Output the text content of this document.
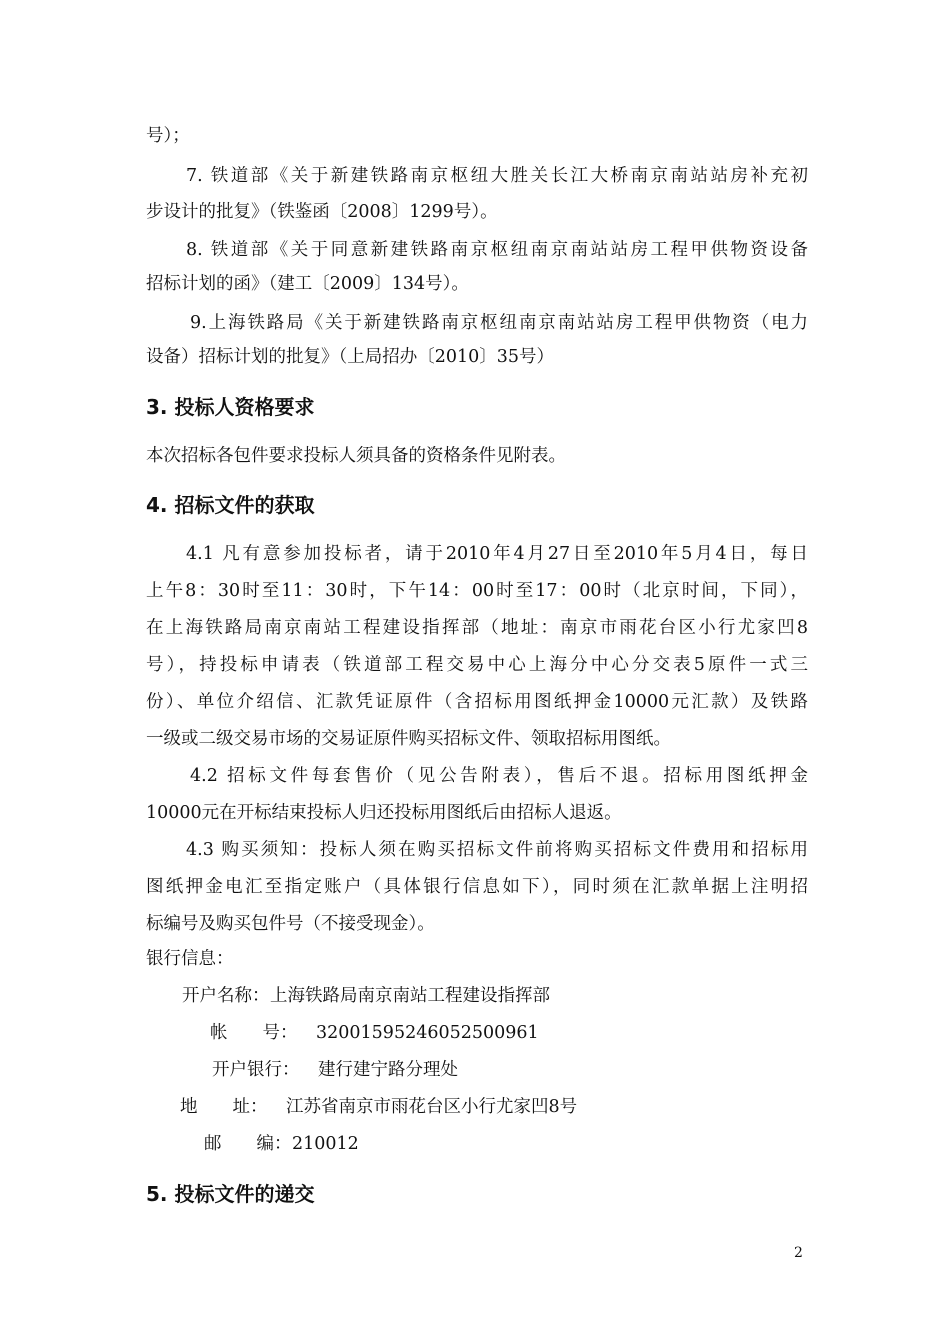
号）；
7. 铁道部《关于新建铁路南京枢纽大胜关长江大桥南京南站站房补充初
步设计的批复》（铁鉴函〔2008〕1299号）。
8. 铁道部《关于同意新建铁路南京枢纽南京南站站房工程甲供物资设备
招标计划的函》（建工〔2009〕134号）。
9.上海铁路局《关于新建铁路南京枢纽南京南站站房工程甲供物资（电力
设备）招标计划的批复》（上局招办〔2010〕35号）
3. 投标人资格要求
本次招标各包件要求投标人须具备的资格条件见附表。
4. 招标文件的获取
4.1 凡有意参加投标者，请于2010年4月27日至2010年5月4日，每日
上午8：30时至11：30时，下午14：00时至17：00时（北京时间，下同），
在上海铁路局南京南站工程建设指挥部（地址：南京市雨花台区小行尤家凹8
号），持投标申请表（铁道部工程交易中心上海分中心分交表5原件一式三
份）、单位介绍信、汇款凭证原件（含招标用图纸押金10000元汇款）及铁路
一级或二级交易市场的交易证原件购买招标文件、领取招标用图纸。
4.2 招标文件每套售价（见公告附表），售后不退。招标用图纸押金
10000元在开标结束投标人归还投标用图纸后由招标人退返。
4.3 购买须知：投标人须在购买招标文件前将购买招标文件费用和招标用
图纸押金电汇至指定账户（具体银行信息如下），同时须在汇款单据上注明招
标编号及购买包件号（不接受现金）。
银行信息：
开户名称： 上海铁路局南京南站工程建设指挥部
帐　　号： 32001595246052500961
开户银行： 建行建宁路分理处
地　　址： 江苏省南京市雨花台区小行尤家凹8号
邮　　编： 210012
5. 投标文件的递交
2
